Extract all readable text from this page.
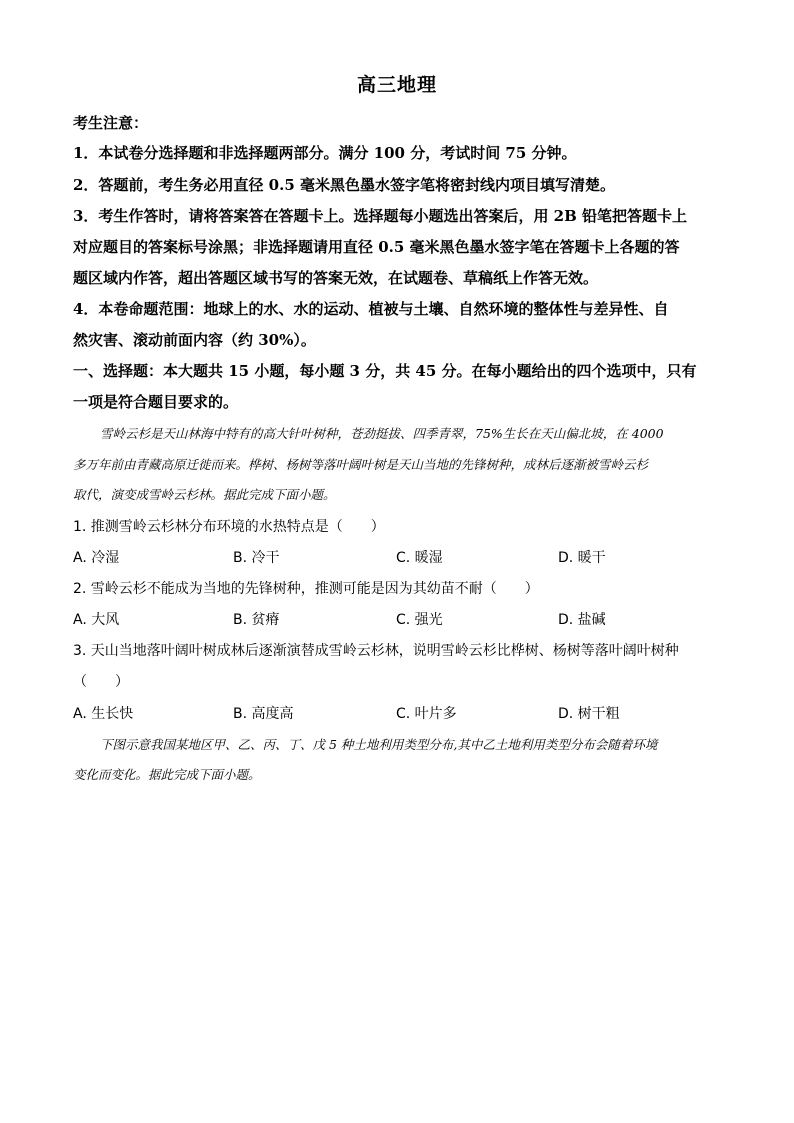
高三地理
考生注意：
1．本试卷分选择题和非选择题两部分。满分 100 分，考试时间 75 分钟。
2．答题前，考生务必用直径 0.5 毫米黑色墨水签字笔将密封线内项目填写清楚。
3．考生作答时，请将答案答在答题卡上。选择题每小题选出答案后，用 2B 铅笔把答题卡上
对应题目的答案标号涂黑；非选择题请用直径 0.5 毫米黑色墨水签字笔在答题卡上各题的答
题区域内作答，超出答题区域书写的答案无效，在试题卷、草稿纸上作答无效。
4．本卷命题范围：地球上的水、水的运动、植被与土壤、自然环境的整体性与差异性、自
然灾害、滚动前面内容（约 30%）。
一、选择题：本大题共 15 小题，每小题 3 分，共 45 分。在每小题给出的四个选项中，只有
一项是符合题目要求的。
雪岭云杉是天山林海中特有的高大针叶树种，苍劲挺拔、四季青翠，75%生长在天山偏北坡，在 4000
多万年前由青藏高原迁徙而来。桦树、杨树等落叶阔叶树是天山当地的先锋树种，成林后逐渐被雪岭云杉
取代，演变成雪岭云杉林。据此完成下面小题。
1. 推测雪岭云杉林分布环境的水热特点是（　　）
A. 冷湿	B. 冷干	C. 暖湿	D. 暖干
2. 雪岭云杉不能成为当地的先锋树种，推测可能是因为其幼苗不耐（　　）
A. 大风	B. 贫瘠	C. 强光	D. 盐碱
3. 天山当地落叶阔叶树成林后逐渐演替成雪岭云杉林，说明雪岭云杉比桦树、杨树等落叶阔叶树种
（　　）
A. 生长快	B. 高度高	C. 叶片多	D. 树干粗
下图示意我国某地区甲、乙、丙、丁、戊 5 种土地利用类型分布,其中乙土地利用类型分布会随着环境
变化而变化。据此完成下面小题。
